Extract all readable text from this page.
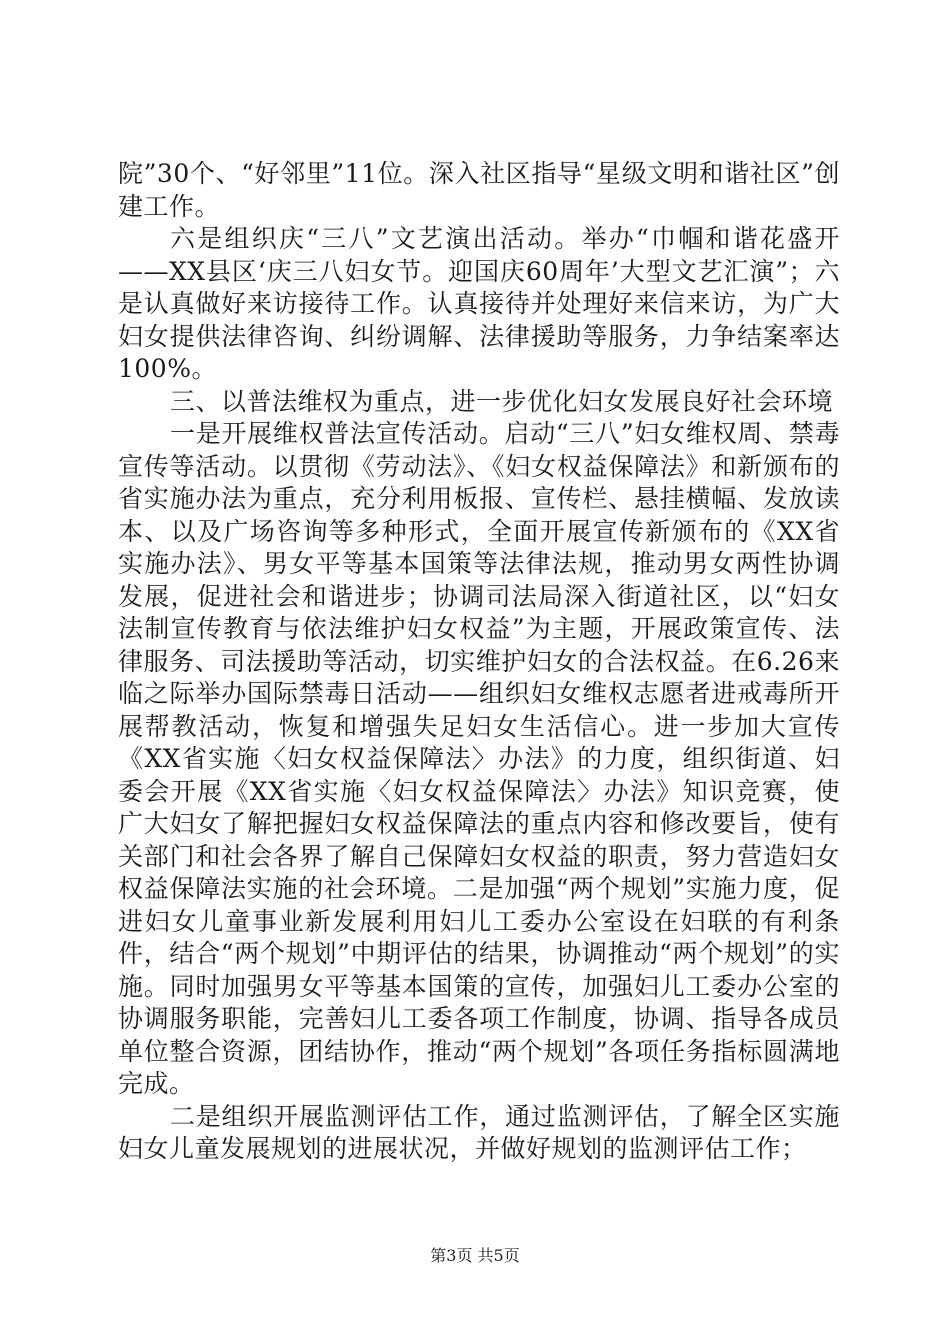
院”30个、“好邻里”11位。深入社区指导“星级文明和谐社区”创建工作。

六是组织庆“三八”文艺演出活动。举办“巾帼和谐花盛开——XX县区‘庆三八妇女节。迎国庆60周年’大型文艺汇演”；六是认真做好来访接待工作。认真接待并处理好来信来访，为广大妇女提供法律咨询、纠纷调解、法律援助等服务，力争结案率达100%。

三、以普法维权为重点，进一步优化妇女发展良好社会环境

一是开展维权普法宣传活动。启动“三八”妇女维权周、禁毒宣传等活动。以贯彻《劳动法》、《妇女权益保障法》和新颁布的省实施办法为重点，充分利用板报、宣传栏、悬挂横幅、发放读本、以及广场咨询等多种形式，全面开展宣传新颁布的《XX省实施办法》、男女平等基本国策等法律法规，推动男女两性协调发展，促进社会和谐进步；协调司法局深入街道社区，以“妇女法制宣传教育与依法维护妇女权益”为主题，开展政策宣传、法律服务、司法援助等活动，切实维护妇女的合法权益。在6.26来临之际举办国际禁毒日活动——组织妇女维权志愿者进戒毒所开展帮教活动，恢复和增强失足妇女生活信心。进一步加大宣传《XX省实施〈妇女权益保障法〉办法》的力度，组织街道、妇委会开展《XX省实施〈妇女权益保障法〉办法》知识竞赛，使广大妇女了解把握妇女权益保障法的重点内容和修改要旨，使有关部门和社会各界了解自己保障妇女权益的职责，努力营造妇女权益保障法实施的社会环境。二是加强“两个规划”实施力度，促进妇女儿童事业新发展利用妇儿工委办公室设在妇联的有利条件，结合“两个规划”中期评估的结果，协调推动“两个规划”的实施。同时加强男女平等基本国策的宣传，加强妇儿工委办公室的协调服务职能，完善妇儿工委各项工作制度，协调、指导各成员单位整合资源，团结协作，推动“两个规划”各项任务指标圆满地完成。

二是组织开展监测评估工作，通过监测评估，了解全区实施妇女儿童发展规划的进展状况，并做好规划的监测评估工作；

第3页 共5页
